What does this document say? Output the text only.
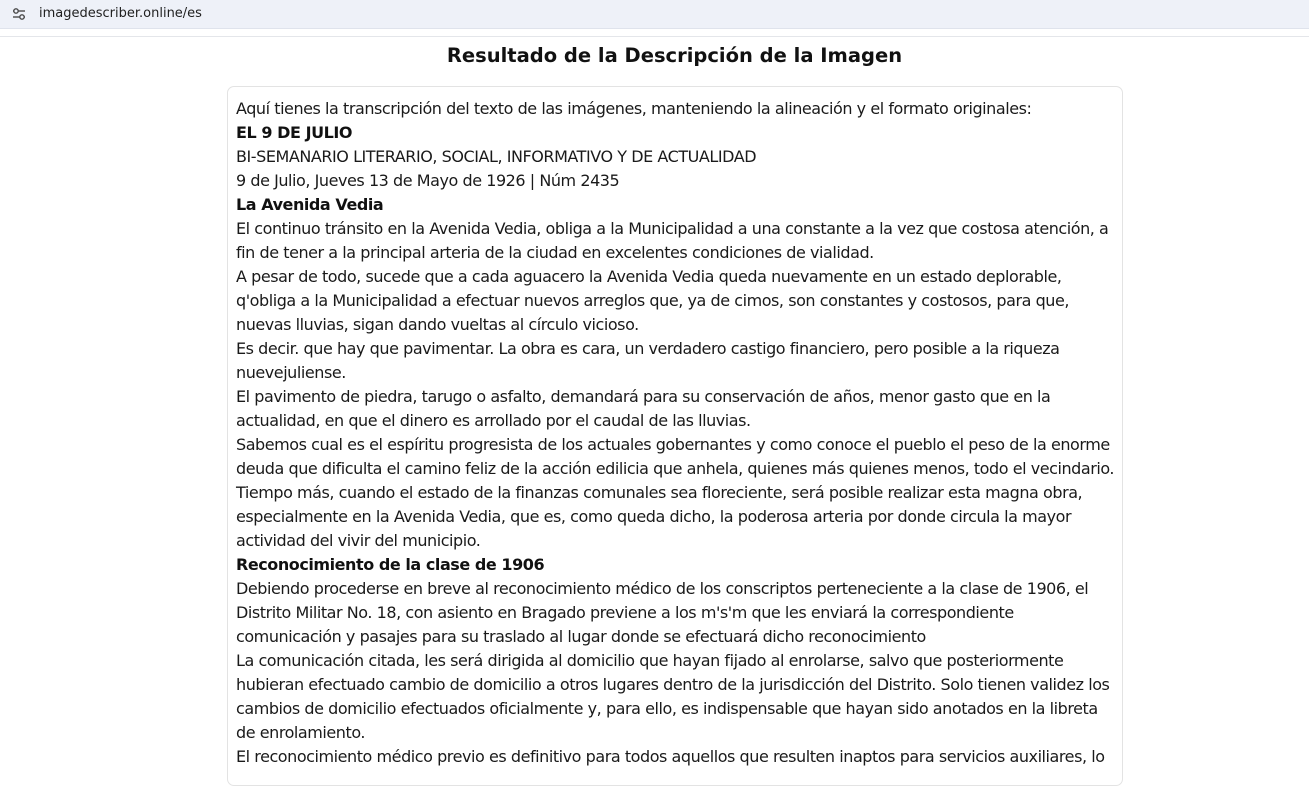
imagedescriber.online/es
Resultado de la Descripción de la Imagen
Aquí tienes la transcripción del texto de las imágenes, manteniendo la alineación y el formato originales:
EL 9 DE JULIO
BI-SEMANARIO LITERARIO, SOCIAL, INFORMATIVO Y DE ACTUALIDAD
9 de Julio, Jueves 13 de Mayo de 1926 | Núm 2435
La Avenida Vedia
El continuo tránsito en la Avenida Vedia, obliga a la Municipalidad a una constante a la vez que costosa atención, a
fin de tener a la principal arteria de la ciudad en excelentes condiciones de vialidad.
A pesar de todo, sucede que a cada aguacero la Avenida Vedia queda nuevamente en un estado deplorable,
q'obliga a la Municipalidad a efectuar nuevos arreglos que, ya de cimos, son constantes y costosos, para que,
nuevas lluvias, sigan dando vueltas al círculo vicioso.
Es decir. que hay que pavimentar. La obra es cara, un verdadero castigo financiero, pero posible a la riqueza
nuevejuliense.
El pavimento de piedra, tarugo o asfalto, demandará para su conservación de años, menor gasto que en la
actualidad, en que el dinero es arrollado por el caudal de las lluvias.
Sabemos cual es el espíritu progresista de los actuales gobernantes y como conoce el pueblo el peso de la enorme
deuda que dificulta el camino feliz de la acción edilicia que anhela, quienes más quienes menos, todo el vecindario.
Tiempo más, cuando el estado de la finanzas comunales sea floreciente, será posible realizar esta magna obra,
especialmente en la Avenida Vedia, que es, como queda dicho, la poderosa arteria por donde circula la mayor
actividad del vivir del municipio.
Reconocimiento de la clase de 1906
Debiendo procederse en breve al reconocimiento médico de los conscriptos perteneciente a la clase de 1906, el
Distrito Militar No. 18, con asiento en Bragado previene a los m's'm que les enviará la correspondiente
comunicación y pasajes para su traslado al lugar donde se efectuará dicho reconocimiento
La comunicación citada, les será dirigida al domicilio que hayan fijado al enrolarse, salvo que posteriormente
hubieran efectuado cambio de domicilio a otros lugares dentro de la jurisdicción del Distrito. Solo tienen validez los
cambios de domicilio efectuados oficialmente y, para ello, es indispensable que hayan sido anotados en la libreta
de enrolamiento.
El reconocimiento médico previo es definitivo para todos aquellos que resulten inaptos para servicios auxiliares, lo
